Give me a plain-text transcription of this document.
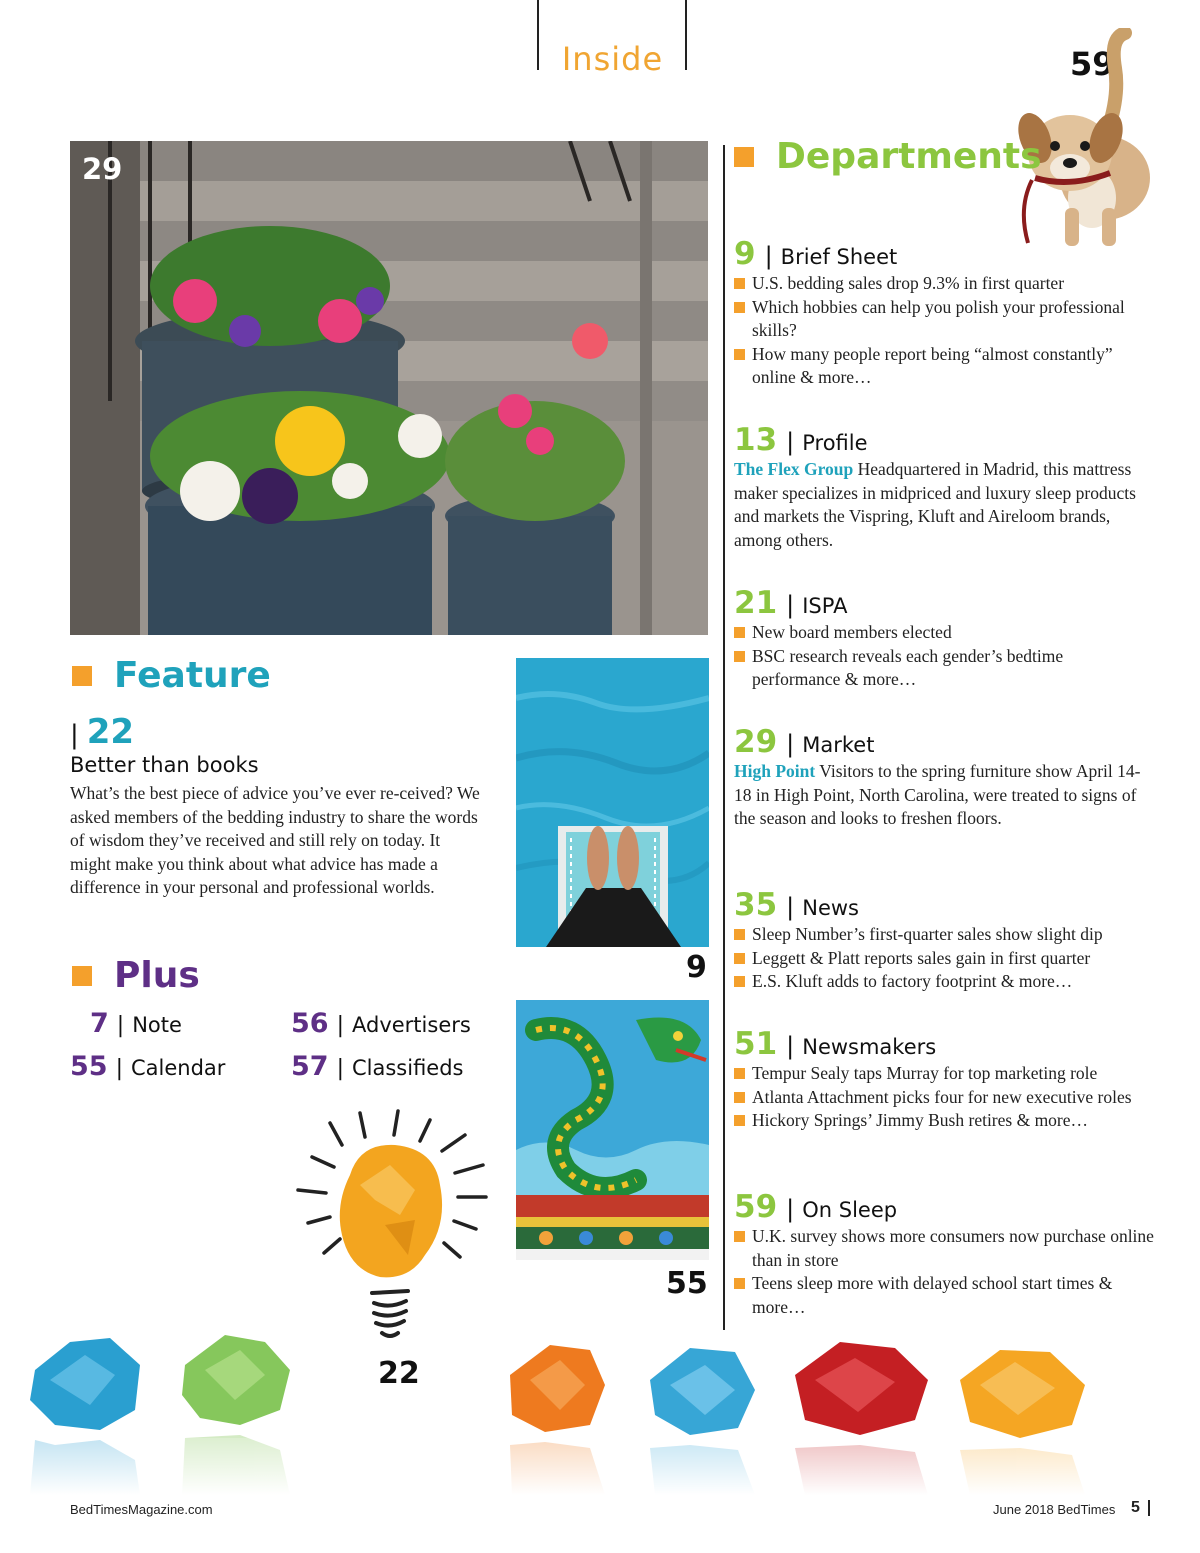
Inside	59
29	Departments
9 | Brief Sheet
U.S. bedding sales drop 9.3% in first quarter
Which hobbies can help you polish your professional skills?
How many people report being “almost constantly” online & more…
13 | Profile
The Flex Group Headquartered in Madrid, this mattress maker specializes in midpriced and luxury sleep products and markets the Vispring, Kluft and Aireloom brands, among others.
21 | ISPA
New board members elected
BSC research reveals each gender’s bedtime performance & more…
29 | Market
High Point Visitors to the spring furniture show April 14-18 in High Point, North Carolina, were treated to signs of the season and looks to freshen floors.
35 | News
Sleep Number’s first-quarter sales show slight dip
Leggett & Platt reports sales gain in first quarter
E.S. Kluft adds to factory footprint & more…
51 | Newsmakers
Tempur Sealy taps Murray for top marketing role
Atlanta Attachment picks four for new executive roles
Hickory Springs’ Jimmy Bush retires & more…
59 | On Sleep
U.K. survey shows more consumers now purchase online than in store
Teens sleep more with delayed school start times & more…
Feature
| 22
Better than books
What’s the best piece of advice you’ve ever re-ceived? We asked members of the bedding industry to share the words of wisdom they’ve received and still rely on today. It might make you think about what advice has made a difference in your personal and professional worlds.
9
55
Plus
7 | Note	56 | Advertisers
55 | Calendar 57 | Classifieds
22
BedTimesMagazine.com	June 2018 BedTimes 5
